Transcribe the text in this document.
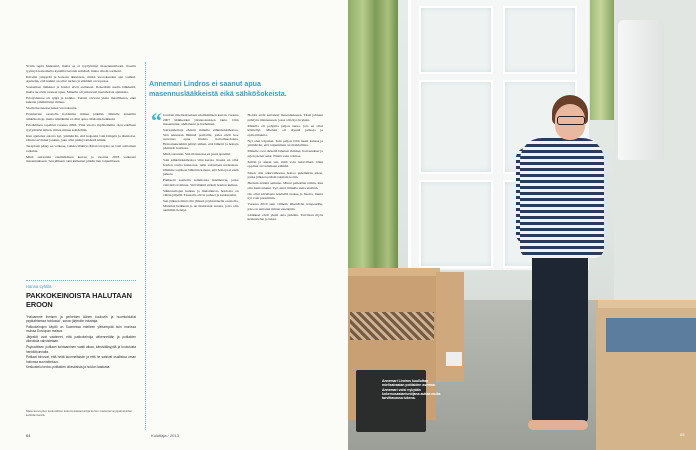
Yritin repiä hiuksiani, mutta se ei tyydyttänyt masennustilaani. Koetin tyynnyä katsomalla kynsillä betonia seinästä, mutta rikoin sormeni.

Kävelin ympyrää ja katsoin ikkunasta, mitkä vuorokauden ajat vaihtui. Ajattelin, että kaikki on ollut turhaa ja elämäni on lopussa.

Sosiaaliset lääkkeet ja hoidot eivät auttaneet. Kokeiltiin useita lääkkeitä, mutta ne eivät tuoneet apua. Minulla oli jatkuvasti itsetuhoisia ajatuksia.

Eristyshuone oli tyhjä ja kolkko. Tunsin olevani yksin maailmassa, eikä kukaan ymmärtänyt minua.

Vietin huoneessa kaksi vuorokautta.

Psykiatrian osastolla hoidettiin minua pitkään. Minulle annettiin sähköhoitoja, mutta niistäkään ei ollut apua. Muistini heikkeni.

Eristämisen tapahtui vuonna 2006. Viisi vuotta myöhemmin olen edelleen tyytymätön siihen, miten minua kohdeltiin.

Kun ajattelen asioita nyt, ymmärrän, että kaipasin vain lämpöä ja läsnäoloa. Olisin tarvinnut jonkun, joka olisi pitänyt kädestä kiinni.

Terapiaan pääsy on vaikeaa, vaikka lääkitys ilman terapiaa on vain osittainen ratkaisu.

Minä sairastuin ensimmäisen kerran jo vuonna 2003 vaikeaan masennukseen. Sen jälkeen olen kulkenut pitkän tien toipumiseen.

Hanna Lyhtilä
PAKKOKEINOISTA HALUTAAN EROON

"Haluamme ihmisen ja perheiden äänen kuuluviin ja huomioiduiksi psykiatrisessa hoidossa", sanoo järjestön edustaja.

Pakkokeinojen käyttö on Suomessa edelleen yleisempää kuin monissa muissa Euroopan maissa.

Järjestöt ovat vaatineet, että pakkokeinoja vähennetään ja potilaiden oikeuksia vahvistetaan.

Psykoottisen potilaan kohtaaminen vaatii aikaa, kärsivällisyyttä ja koulutusta henkilökunnalta.

Potilaat toivovat, että heitä kuunneltaisiin ja että he saisivat osallistua oman hoitonsa suunnitteluun.

Keskustelu kertoo potilaiden oikeuksista ja hoidon laadusta.

Mielenterveyden keskusliiton kokemusasiantuntija kertoo mielenterveyspalveluiden kehittämisestä.
Annemari Lindros ei saanut apua masennuslääkkeistä eikä sähköšokeista.
“ Joudoin mielisairaalaan ensimmäisen kerran vuonna 2007 lääkkeiden yliannostuksen takia. Olin masentunut, ahdistunut ja harhainen.

Sairaanhoitaja ehdotti minulle sähköšokkihoitoa. Sitä annetaan lähinnä potilaille, jotka eivät koe saavansa apua muista hoitomuodoista. Hoitomenetelmä päätyi siihen, että lääkäri ja hoitaja päättivät hoidosta.

Minä suostuin. Sitä tilanteessa en juuri ajatellut.

Sain sähköšokkihoitoa viisi kertaa. Koska en ollut hoidon osalta kunnossa, tulin sairaalaan uudestaan. Olimme sopineet lääkärin kanssa, että hoitoja ei enää jatketa.

Pääkseni asettelin semmoisia mielikuvia, jotka vahvistivat minua. Sitä lääkäri sääteli hoidon kulkua.

Sähköaaltojen kulkua ja muistikuvia hoidosta on vähän jäljellä. Taustalla olivat puheet ja keskustelut.

Sen jälkeen minä olin jälleen psykiatrisella osastolla. Muistini heikkeni ja en muistanut asioita, joita olin aiemmin tiennyt.

Hoidot eivät auttaneet masennukseen. Tästä johtuen päädyin tilanteeseen, jossa olin hyvin yksin.

Minulla oli pohjalla paljon surua, jota en ollut käsitellyt. Mieleni oli täynnä pelkoja ja epävarmuutta.

Nyt olen toipunut. Tein paljon töitä itseni kanssa ja ymmärrän, että toipuminen on mahdollista.

Minulle ovat tärkeitä läheiset ihmiset, harrastukset ja arjen pienet asiat. Niistä saan voimaa.

Kiitän ja annan sen, mitä voin tuttavilleni. Olen oppinut arvostamaan elämää.

Sitten olin alkuvaiheessa hoitoa pidemmän aikaa, jonka jälkeen pääsin takaisin kotiin.

Heräsin eräänä aamuna. Minut palkattiin töihin, kun olin kuntoutunut. Työ antoi minulle uutta sisältöä.

On ollut kivuliasta käsitellä tuskaa ja huolta, mutta nyt voin paremmin.

Vuonna 2010 sain viimein lähettävän terapeutille, joka on auttanut minua eteenpäin.

Lääkkeet eivät yksin auta pitkään. Tarvitaan myös keskustelua ja tukea.

64	Kuluttaja / 2013
Annemari Lindros kuulluttaa mielisairaalan potilaiden asemaa. Annemari voisi nykyään kokemusasiantuntijana auttaa muita tarvittavassa tukena.
65
